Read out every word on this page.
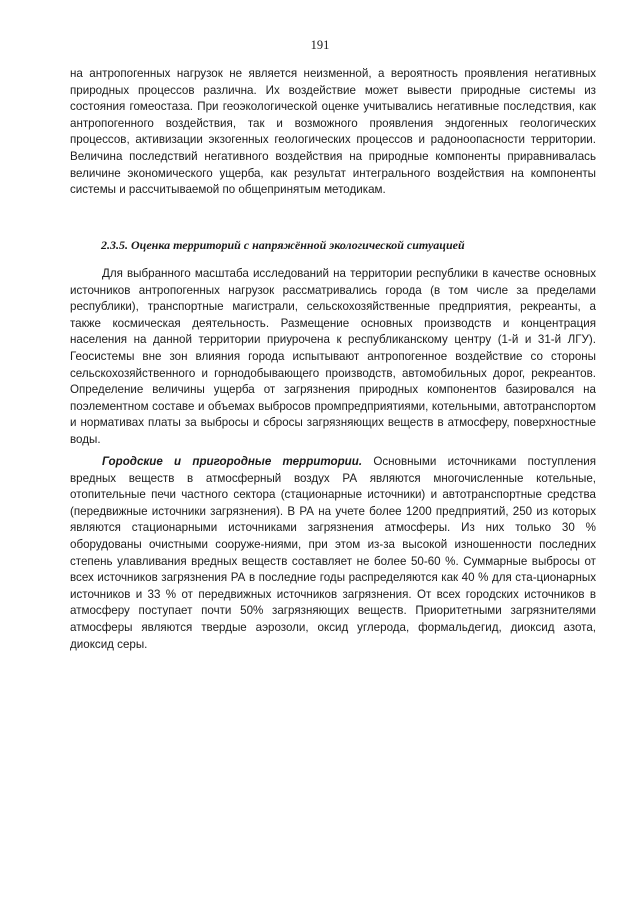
191

на антропогенных нагрузок не является неизменной, а вероятность проявления негативных природных процессов различна. Их воздействие может вывести природные системы из состояния гомеостаза. При геоэкологической оценке учитывались негативные последствия, как антропогенного воздействия, так и возможного проявления эндогенных геологических процессов, активизации экзогенных геологических процессов и радоноопасности территории. Величина последствий негативного воздействия на природные компоненты приравнивалась величине экономического ущерба, как результат интегрального воздействия на компоненты системы и рассчитываемой по общепринятым методикам.

2.3.5. Оценка территорий с напряжённой экологической ситуацией

Для выбранного масштаба исследований на территории республики в качестве основных источников антропогенных нагрузок рассматривались города (в том числе за пределами республики), транспортные магистрали, сельскохозяйственные предприятия, рекреанты, а также космическая деятельность. Размещение основных производств и концентрация населения на данной территории приурочена к республиканскому центру (1-й и 31-й ЛГУ). Геосистемы вне зон влияния города испытывают антропогенное воздействие со стороны сельскохозяйственного и горнодобывающего производств, автомобильных дорог, рекреантов. Определение величины ущерба от загрязнения природных компонентов базировался на поэлементном составе и объемах выбросов промпредприятиями, котельными, автотранспортом и нормативах платы за выбросы и сбросы загрязняющих веществ в атмосферу, поверхностные воды.

Городские и пригородные территории. Основными источниками поступления вредных веществ в атмосферный воздух РА являются многочисленные котельные, отопительные печи частного сектора (стационарные источники) и автотранспортные средства (передвижные источники загрязнения). В РА на учете более 1200 предприятий, 250 из которых являются стационарными источниками загрязнения атмосферы. Из них только 30 % оборудованы очистными сооруже-ниями, при этом из-за высокой изношенности последних степень улавливания вредных веществ составляет не более 50-60 %. Суммарные выбросы от всех источников загрязнения РА в последние годы распределяются как 40 % для ста-ционарных источников и 33 % от передвижных источников загрязнения. От всех городских источников в атмосферу поступает почти 50% загрязняющих веществ. Приоритетными загрязнителями атмосферы являются твердые аэрозоли, оксид углерода, формальдегид, диоксид азота, диоксид серы.
